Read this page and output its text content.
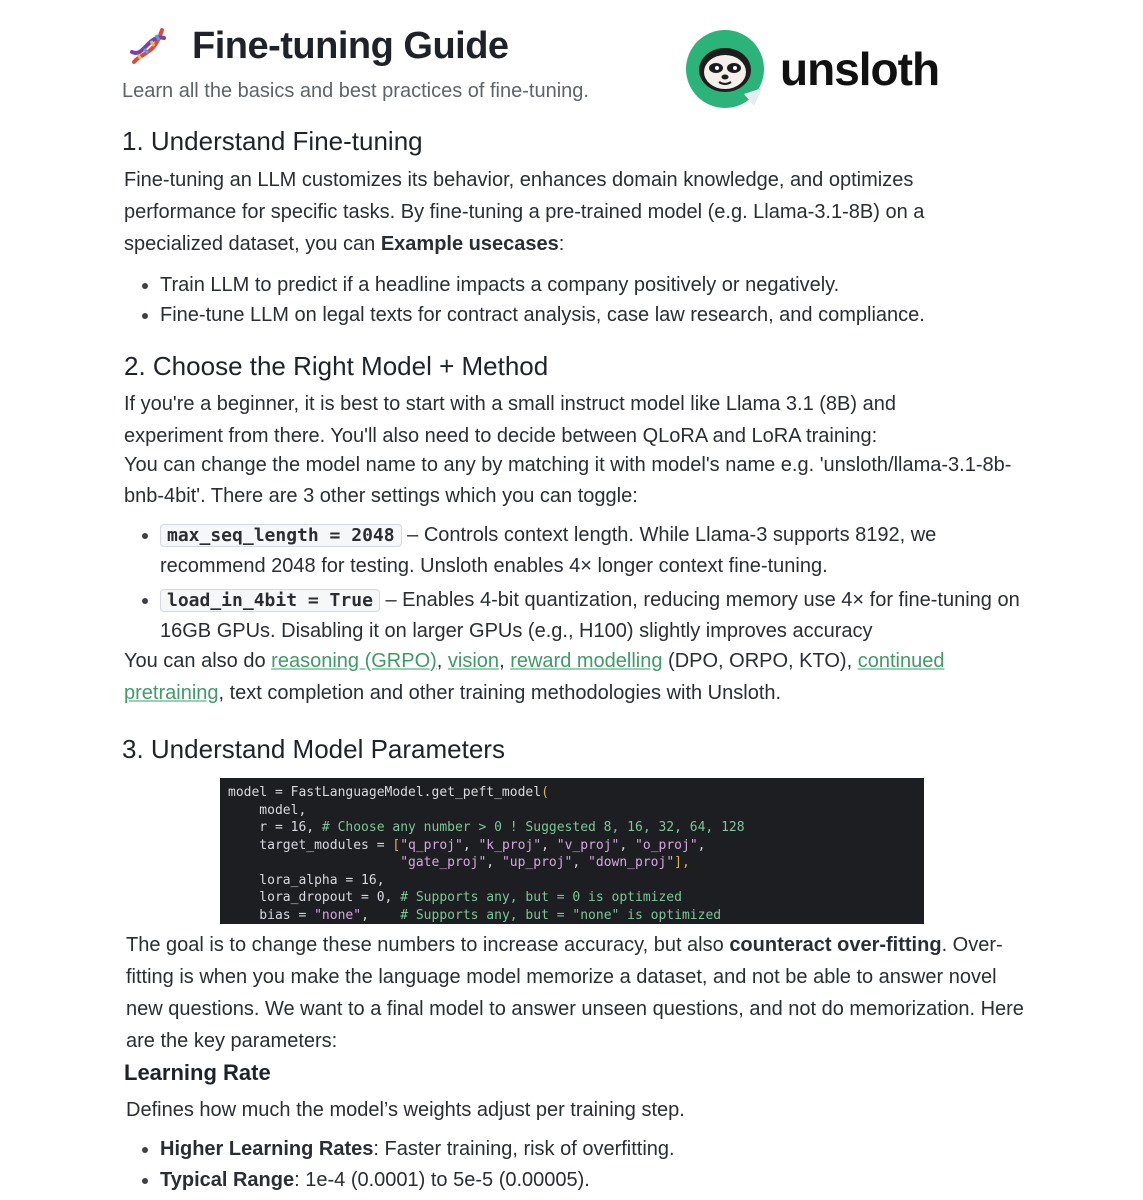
Fine-tuning Guide
Learn all the basics and best practices of fine-tuning.	unsloth
1. Understand Fine-tuning

Fine-tuning an LLM customizes its behavior, enhances domain knowledge, and optimizes performance for specific tasks. By fine-tuning a pre-trained model (e.g. Llama-3.1-8B) on a specialized dataset, you can Example usecases:

• Train LLM to predict if a headline impacts a company positively or negatively.
• Fine-tune LLM on legal texts for contract analysis, case law research, and compliance.
2. Choose the Right Model + Method

If you're a beginner, it is best to start with a small instruct model like Llama 3.1 (8B) and experiment from there. You'll also need to decide between QLoRA and LoRA training:

You can change the model name to any by matching it with model's name e.g. 'unsloth/llama-3.1-8b-bnb-4bit'. There are 3 other settings which you can toggle:

• max_seq_length = 2048 – Controls context length. While Llama-3 supports 8192, we recommend 2048 for testing. Unsloth enables 4× longer context fine-tuning.
• load_in_4bit = True – Enables 4-bit quantization, reducing memory use 4× for fine-tuning on 16GB GPUs. Disabling it on larger GPUs (e.g., H100) slightly improves accuracy

You can also do reasoning (GRPO), vision, reward modelling (DPO, ORPO, KTO), continued pretraining, text completion and other training methodologies with Unsloth.

3. Understand Model Parameters
model = FastLanguageModel.get_peft_model(
model,
r = 16, # Choose any number > 0 ! Suggested 8, 16, 32, 64, 128
target_modules = ["q_proj", "k_proj", "v_proj", "o_proj",
"gate_proj", "up_proj", "down_proj"],
lora_alpha = 16,
lora_dropout = 0, # Supports any, but = 0 is optimized
bias = "none",    # Supports any, but = "none" is optimized

The goal is to change these numbers to increase accuracy, but also counteract over-fitting. Over-fitting is when you make the language model memorize a dataset, and not be able to answer novel new questions. We want to a final model to answer unseen questions, and not do memorization. Here are the key parameters:

Learning Rate

Defines how much the model’s weights adjust per training step.

• Higher Learning Rates: Faster training, risk of overfitting.
• Typical Range: 1e-4 (0.0001) to 5e-5 (0.00005).
